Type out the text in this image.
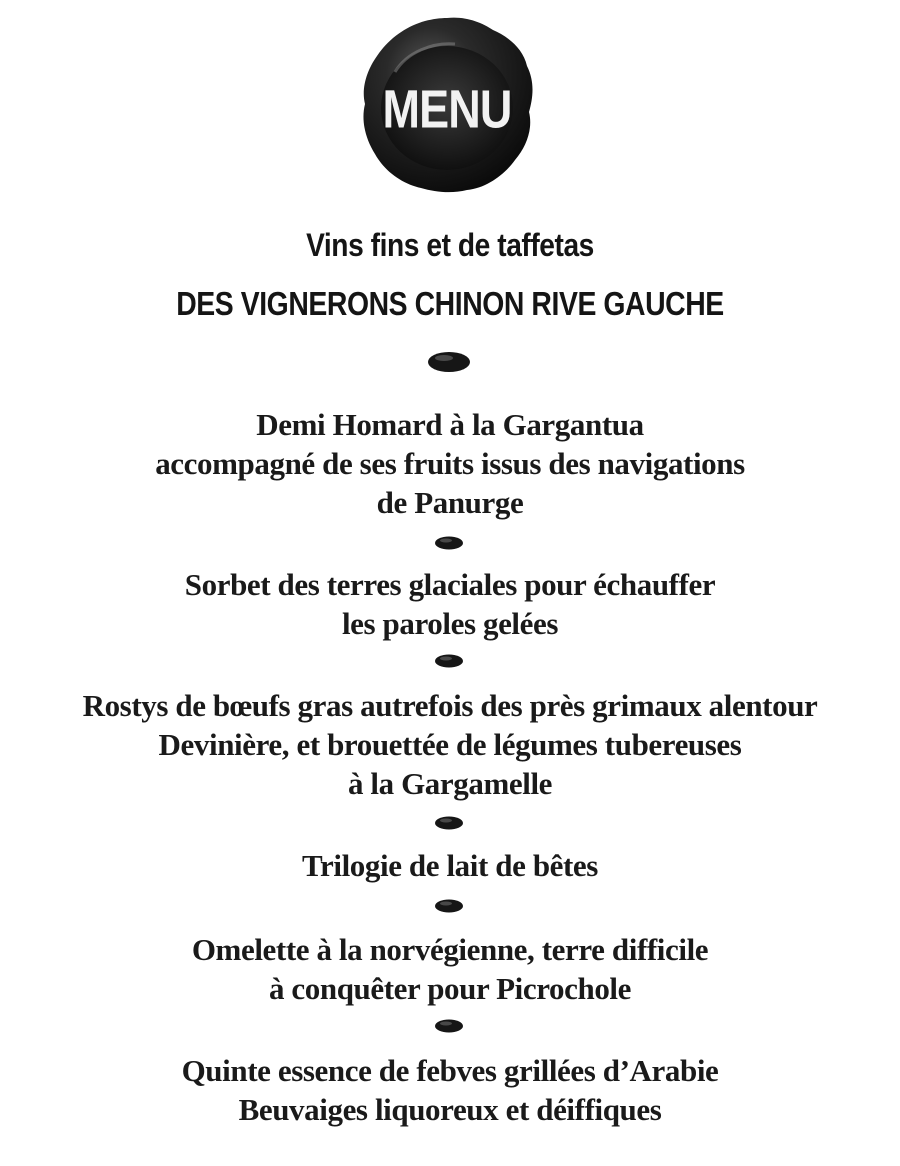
MENU
Vins fins et de taffetas
DES VIGNERONS CHINON RIVE GAUCHE
Demi Homard à la Gargantua
accompagné de ses fruits issus des navigations
de Panurge
Sorbet des terres glaciales pour échauffer
les paroles gelées
Rostys de bœufs gras autrefois des près grimaux alentour
Devinière, et brouettée de légumes tubereuses
à la Gargamelle
Trilogie de lait de bêtes
Omelette à la norvégienne, terre difficile
à conquêter pour Picrochole
Quinte essence de febves grillées d’Arabie
Beuvaiges liquoreux et déiffiques
